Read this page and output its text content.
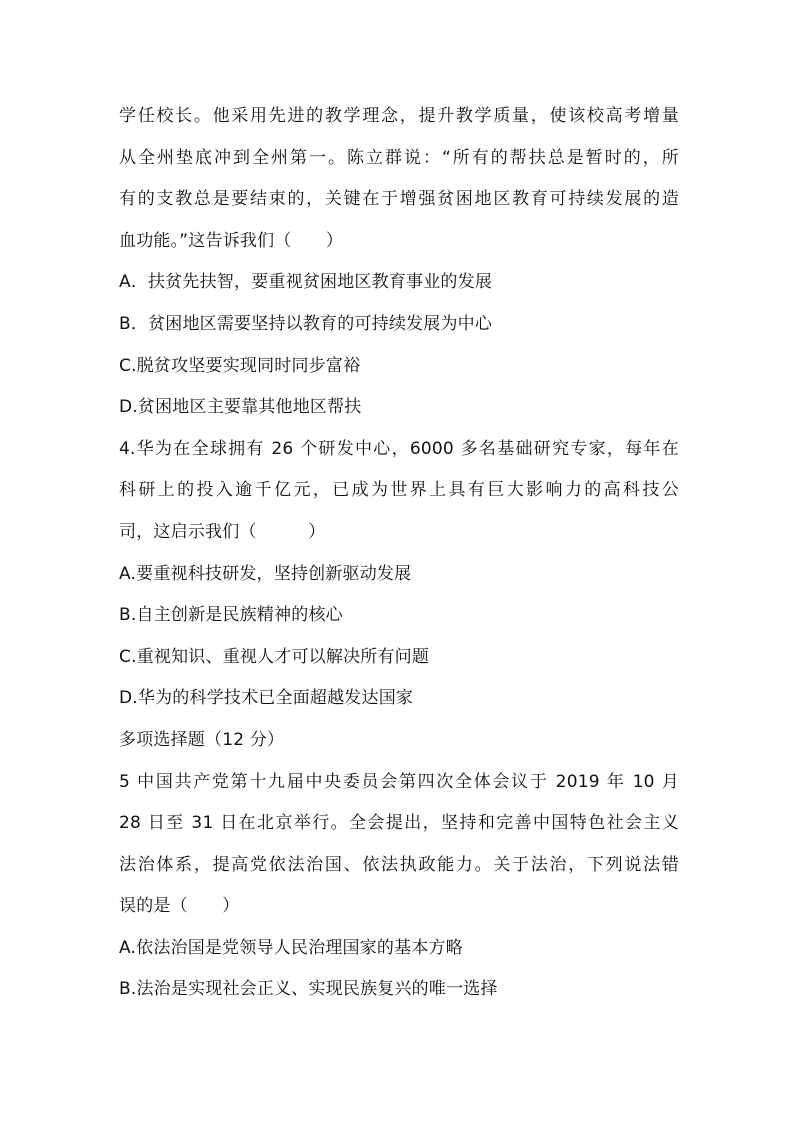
学任校长。他采用先进的教学理念，提升教学质量，使该校高考增量
从全州垫底冲到全州第一。陈立群说：“所有的帮扶总是暂时的，所
有的支教总是要结束的，关键在于增强贫困地区教育可持续发展的造
血功能。”这告诉我们（　　）
A．扶贫先扶智，要重视贫困地区教育事业的发展
B．贫困地区需要坚持以教育的可持续发展为中心
C.脱贫攻坚要实现同时同步富裕
D.贫困地区主要靠其他地区帮扶
4.华为在全球拥有 26 个研发中心，6000 多名基础研究专家，每年在
科研上的投入逾千亿元，已成为世界上具有巨大影响力的高科技公
司，这启示我们（　　　）
A.要重视科技研发，坚持创新驱动发展
B.自主创新是民族精神的核心
C.重视知识、重视人才可以解决所有问题
D.华为的科学技术已全面超越发达国家
多项选择题（12 分）
5 中国共产党第十九届中央委员会第四次全体会议于 2019 年 10 月
28 日至 31 日在北京举行。全会提出，坚持和完善中国特色社会主义
法治体系，提高党依法治国、依法执政能力。关于法治，下列说法错
误的是（　　）
A.依法治国是党领导人民治理国家的基本方略
B.法治是实现社会正义、实现民族复兴的唯一选择
